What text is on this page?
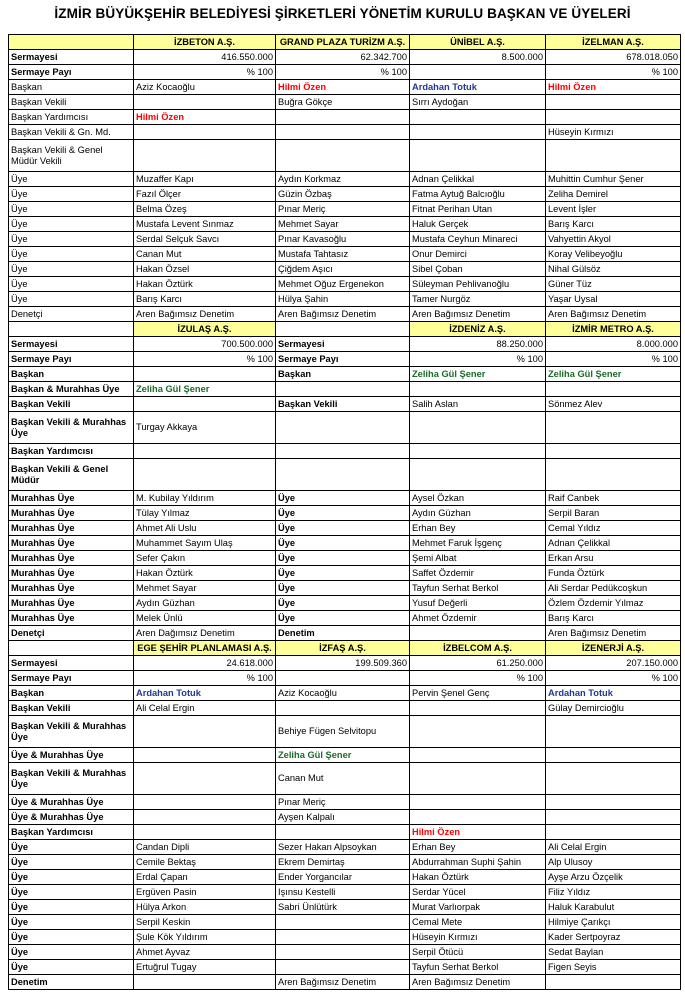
İZMİR BÜYÜKŞEHİR BELEDİYESİ ŞİRKETLERİ YÖNETİM KURULU BAŞKAN VE ÜYELERİ
	İZBETON A.Ş.	GRAND PLAZA TURİZM A.Ş.	ÜNİBEL A.Ş.	İZELMAN A.Ş.
Sermayesi	416.550.000	62.342.700	8.500.000	678.018.050
Sermaye Payı	% 100	% 100		% 100
Başkan	Aziz Kocaoğlu	Hilmi Özen	Ardahan Totuk	Hilmi Özen
Başkan Vekili		Buğra Gökçe	Sırrı Aydoğan	
Başkan Yardımcısı	Hilmi Özen			
Başkan Vekili & Gn. Md.				Hüseyin Kırmızı
Başkan Vekili & Genel Müdür Vekili				
Üye	Muzaffer Kapı	Aydın Korkmaz	Adnan Çelikkal	Muhittin Cumhur Şener
Üye	Fazıl Ölçer	Güzin Özbaş	Fatma Aytuğ Balcıoğlu	Zeliha Demirel
Üye	Belma Özeş	Pınar Meriç	Fitnat Perihan Utan	Levent İşler
Üye	Mustafa Levent Sınmaz	Mehmet Sayar	Haluk Gerçek	Barış Karcı
Üye	Serdal Selçuk Savcı	Pınar Kavasoğlu	Mustafa Ceyhun Minareci	Vahyettin Akyol
Üye	Canan Mut	Mustafa Tahtasız	Onur Demirci	Koray Velibeyoğlu
Üye	Hakan Özsel	Çiğdem Aşıcı	Sibel Çoban	Nihal Gülsöz
Üye	Hakan Öztürk	Mehmet Oğuz Ergenekon	Süleyman Pehlivanoğlu	Güner Tüz
Üye	Barış Karcı	Hülya Şahin	Tamer Nurgöz	Yaşar Uysal
Denetçi	Aren Bağımsız Denetim	Aren Bağımsız Denetim	Aren Bağımsız Denetim	Aren Bağımsız Denetim
	İZULAŞ A.Ş.		İZDENİZ A.Ş.	İZMİR METRO A.Ş.
Sermayesi	700.500.000	Sermayesi	88.250.000	8.000.000
Sermaye Payı	% 100	Sermaye Payı	% 100	% 100
Başkan		Başkan	Zeliha Gül Şener	Zeliha Gül Şener
Başkan & Murahhas Üye	Zeliha Gül Şener			
Başkan Vekili		Başkan Vekili	Salih Aslan	Sönmez Alev
Başkan Vekili & Murahhas Üye	Turgay Akkaya			
Başkan Yardımcısı				
Başkan Vekili & Genel Müdür				
Murahhas Üye	M. Kubilay Yıldırım	Üye	Aysel Özkan	Raif Canbek
Murahhas Üye	Tülay Yılmaz	Üye	Aydın Güzhan	Serpil Baran
Murahhas Üye	Ahmet Ali Uslu	Üye	Erhan Bey	Cemal Yıldız
Murahhas Üye	Muhammet Sayım Ulaş	Üye	Mehmet Faruk İşgenç	Adnan Çelikkal
Murahhas Üye	Sefer Çakın	Üye	Şemi Albat	Erkan Arsu
Murahhas Üye	Hakan Öztürk	Üye	Saffet Özdemir	Funda Öztürk
Murahhas Üye	Mehmet Sayar	Üye	Tayfun Serhat Berkol	Ali Serdar Pedükcoşkun
Murahhas Üye	Aydın Güzhan	Üye	Yusuf Değerli	Özlem Özdemir Yılmaz
Murahhas Üye	Melek Ünlü	Üye	Ahmet Özdemir	Barış Karcı
Denetçi	Aren Dağımsız Denetim	Denetim		Aren Bağımsız Denetim
	EGE ŞEHİR PLANLAMASI A.Ş.	İZFAŞ A.Ş.	İZBELCOM A.Ş.	İZENERJİ A.Ş.
Sermayesi	24.618.000	199.509.360	61.250.000	207.150.000
Sermaye Payı	% 100		% 100	% 100
Başkan	Ardahan Totuk	Aziz Kocaoğlu	Pervin Şenel Genç	Ardahan Totuk
Başkan Vekili	Ali Celal Ergin			Gülay Demircioğlu
Başkan Vekili & Murahhas Üye		Behiye Fügen Selvitopu		
Üye & Murahhas Üye		Zeliha Gül Şener		
Başkan Vekili & Murahhas Üye		Canan Mut		
Üye & Murahhas Üye		Pınar Meriç		
Üye & Murahhas Üye		Ayşen Kalpalı		
Başkan Yardımcısı			Hilmi Özen	
Üye	Candan Dipli	Sezer Hakan Alpsoykan	Erhan Bey	Ali Celal Ergin
Üye	Cemile Bektaş	Ekrem Demirtaş	Abdurrahman Suphi Şahin	Alp Ulusoy
Üye	Erdal Çapan	Ender Yorgancılar	Hakan Öztürk	Ayşe Arzu Özçelik
Üye	Ergüven Pasin	Işınsu Kestelli	Serdar Yücel	Filiz Yıldız
Üye	Hülya Arkon	Sabri Ünlütürk	Murat Varlıorpak	Haluk Karabulut
Üye	Serpil Keskin		Cemal Mete	Hilmiye Çarıkçı
Üye	Şule Kök Yıldırım		Hüseyin Kırmızı	Kader Sertpoyraz
Üye	Ahmet Ayvaz		Serpil Ötücü	Sedat Baylan
Üye	Ertuğrul Tugay		Tayfun Serhat Berkol	Figen Seyis
Denetim		Aren Bağımsız Denetim	Aren Bağımsız Denetim	
